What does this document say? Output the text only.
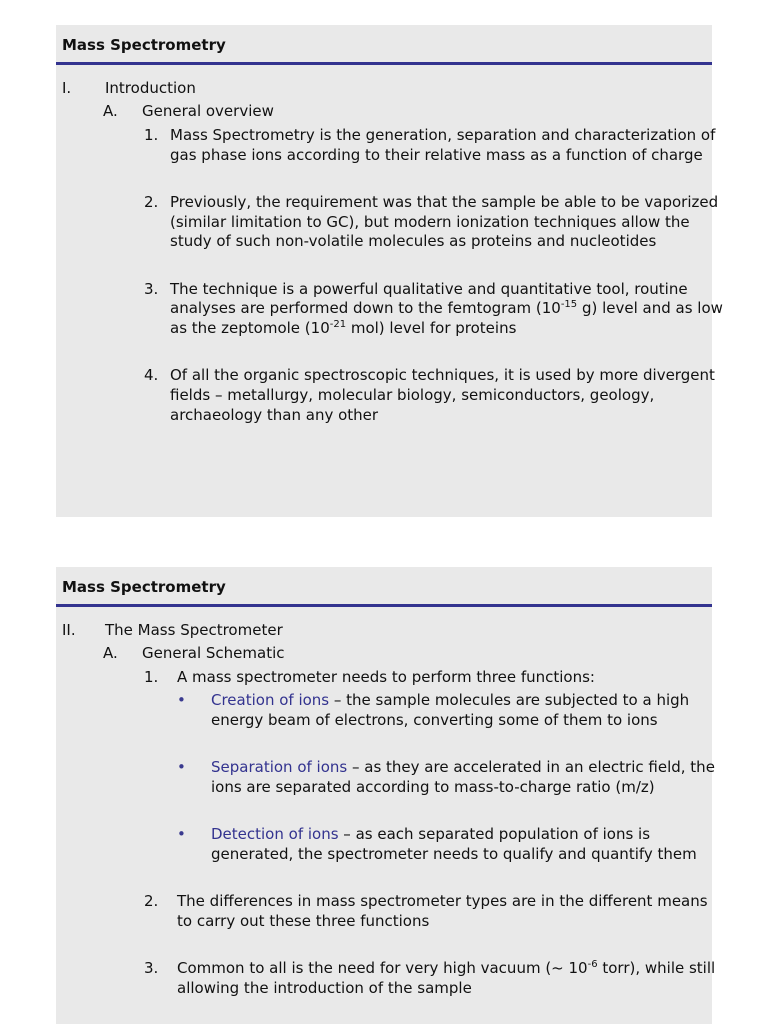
Mass Spectrometry
I. Introduction
A. General overview
1. Mass Spectrometry is the generation, separation and characterization of
gas phase ions according to their relative mass as a function of charge
2. Previously, the requirement was that the sample be able to be vaporized
(similar limitation to GC), but modern ionization techniques allow the
study of such non-volatile molecules as proteins and nucleotides
3. The technique is a powerful qualitative and quantitative tool, routine
analyses are performed down to the femtogram ($10^{-15}$ g) level and as low
as the zeptomole ($10^{-21}$ mol) level for proteins
4. Of all the organic spectroscopic techniques, it is used by more divergent
fields – metallurgy, molecular biology, semiconductors, geology,
archaeology than any other
Mass Spectrometry
II. The Mass Spectrometer
A. General Schematic
1. A mass spectrometer needs to perform three functions:
• Creation of ions – the sample molecules are subjected to a high
energy beam of electrons, converting some of them to ions
• Separation of ions – as they are accelerated in an electric field, the
ions are separated according to mass-to-charge ratio (m/z)
• Detection of ions – as each separated population of ions is
generated, the spectrometer needs to qualify and quantify them
2. The differences in mass spectrometer types are in the different means
to carry out these three functions
3. Common to all is the need for very high vacuum (~ $10^{-6}$ torr), while still
allowing the introduction of the sample
